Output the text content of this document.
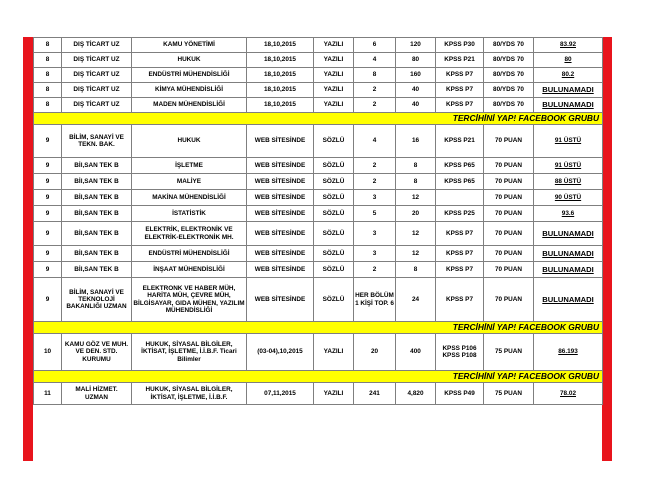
8	DIŞ TİCART UZ	KAMU YÖNETİMİ	18,10,2015	YAZILI	6	120	KPSS P30	80/YDS 70	83.92
8	DIŞ TİCART UZ	HUKUK	18,10,2015	YAZILI	4	80	KPSS P21	80/YDS 70	80
8	DIŞ TİCART UZ	ENDÜSTRİ MÜHENDİSLİĞİ	18,10,2015	YAZILI	8	160	KPSS P7	80/YDS 70	80.2
8	DIŞ TİCART UZ	KİMYA MÜHENDİSLİĞİ	18,10,2015	YAZILI	2	40	KPSS P7	80/YDS 70	BULUNAMADI
8	DIŞ TİCART UZ	MADEN MÜHENDİSLİĞİ	18,10,2015	YAZILI	2	40	KPSS P7	80/YDS 70	BULUNAMADI
TERCİHİNİ YAP! FACEBOOK GRUBU									
9	BİLİM, SANAYİ VE TEKN. BAK.	HUKUK	WEB SİTESİNDE	SÖZLÜ	4	16	KPSS P21	70 PUAN	91 ÜSTÜ
9	Bİl,SAN TEK B	İŞLETME	WEB SİTESİNDE	SÖZLÜ	2	8	KPSS P65	70 PUAN	91 ÜSTÜ
9	Bİl,SAN TEK B	MALİYE	WEB SİTESİNDE	SÖZLÜ	2	8	KPSS P65	70 PUAN	88 ÜSTÜ
9	Bİl,SAN TEK B	MAKİNA MÜHENDİSLİĞİ	WEB SİTESİNDE	SÖZLÜ	3	12		70 PUAN	90 ÜSTÜ
9	Bİl,SAN TEK B	İSTATİSTİK	WEB SİTESİNDE	SÖZLÜ	5	20	KPSS P25	70 PUAN	93.6
9	Bİl,SAN TEK B	ELEKTRİK, ELEKTRONİK VE ELEKTRİK-ELEKTRONİK MH.	WEB SİTESİNDE	SÖZLÜ	3	12	KPSS P7	70 PUAN	BULUNAMADI
9	Bİl,SAN TEK B	ENDÜSTRİ MÜHENDİSLİĞİ	WEB SİTESİNDE	SÖZLÜ	3	12	KPSS P7	70 PUAN	BULUNAMADI
9	Bİl,SAN TEK B	İNŞAAT MÜHENDİSLİĞİ	WEB SİTESİNDE	SÖZLÜ	2	8	KPSS P7	70 PUAN	BULUNAMADI
9	BİLİM, SANAYİ VE TEKNOLOJİ BAKANLIĞI UZMAN	ELEKTRONK VE HABER MÜH, HARİTA MÜH, ÇEVRE MÜH, BİLGİSAYAR, GIDA MÜHEN, YAZILIM MÜHENDİSLİĞİ	WEB SİTESİNDE	SÖZLÜ	HER BÖLÜM 1 KİŞİ TOP. 6	24	KPSS P7	70 PUAN	BULUNAMADI
TERCİHİNİ YAP! FACEBOOK GRUBU									
10	KAMU GÖZ VE MUH. VE DEN. STD. KURUMU	HUKUK, SİYASAL BİLGİLER, İKTİSAT, İŞLETME, İ.İ.B.F. Ticari Bilimler	(03-04),10,2015	YAZILI	20	400	KPSS P106 KPSS P108	75 PUAN	86.193
TERCİHİNİ YAP! FACEBOOK GRUBU									
11	MALİ HİZMET. UZMAN	HUKUK, SİYASAL BİLGİLER, İKTİSAT, İŞLETME, İ.İ.B.F.	07,11,2015	YAZILI	241	4,820	KPSS P49	75 PUAN	78.02
